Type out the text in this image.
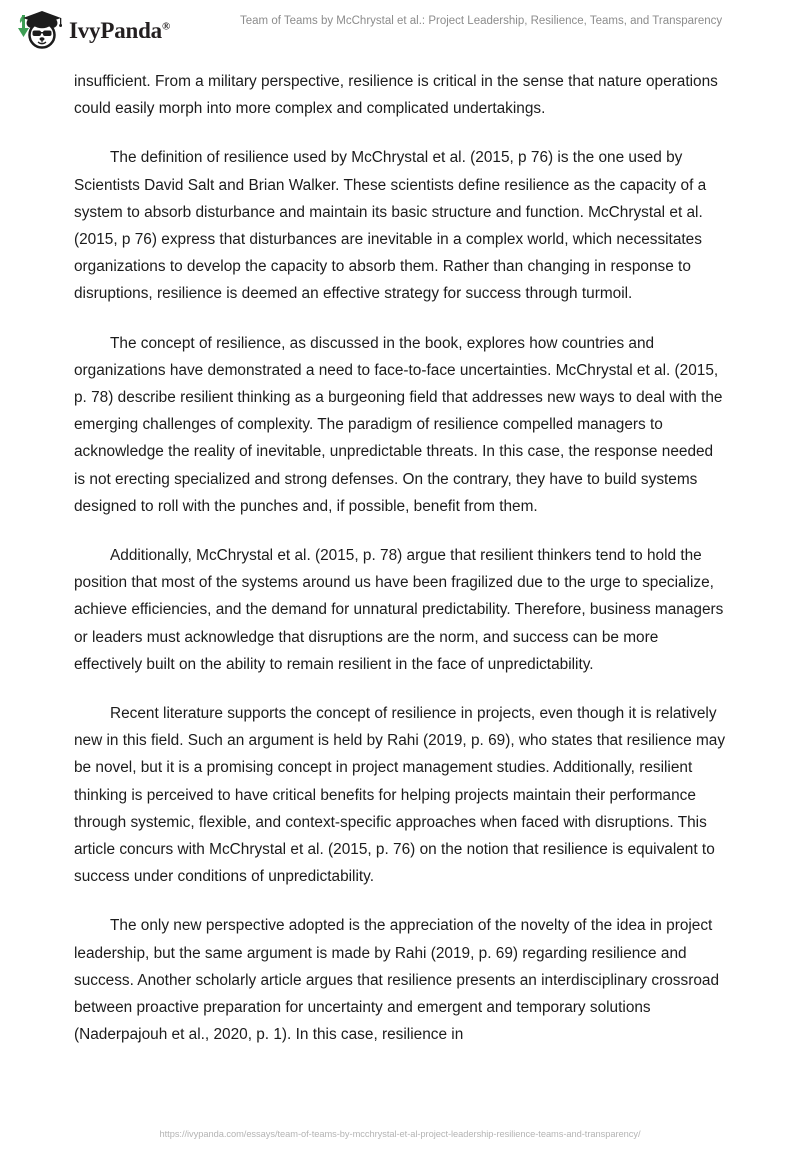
IvyPanda®	Team of Teams by McChrystal et al.: Project Leadership, Resilience, Teams, and Transparency

insufficient. From a military perspective, resilience is critical in the sense that nature operations could easily morph into more complex and complicated undertakings.

The definition of resilience used by McChrystal et al. (2015, p 76) is the one used by Scientists David Salt and Brian Walker. These scientists define resilience as the capacity of a system to absorb disturbance and maintain its basic structure and function. McChrystal et al. (2015, p 76) express that disturbances are inevitable in a complex world, which necessitates organizations to develop the capacity to absorb them. Rather than changing in response to disruptions, resilience is deemed an effective strategy for success through turmoil.

The concept of resilience, as discussed in the book, explores how countries and organizations have demonstrated a need to face-to-face uncertainties. McChrystal et al. (2015, p. 78) describe resilient thinking as a burgeoning field that addresses new ways to deal with the emerging challenges of complexity. The paradigm of resilience compelled managers to acknowledge the reality of inevitable, unpredictable threats. In this case, the response needed is not erecting specialized and strong defenses. On the contrary, they have to build systems designed to roll with the punches and, if possible, benefit from them.

Additionally, McChrystal et al. (2015, p. 78) argue that resilient thinkers tend to hold the position that most of the systems around us have been fragilized due to the urge to specialize, achieve efficiencies, and the demand for unnatural predictability. Therefore, business managers or leaders must acknowledge that disruptions are the norm, and success can be more effectively built on the ability to remain resilient in the face of unpredictability.

Recent literature supports the concept of resilience in projects, even though it is relatively new in this field. Such an argument is held by Rahi (2019, p. 69), who states that resilience may be novel, but it is a promising concept in project management studies. Additionally, resilient thinking is perceived to have critical benefits for helping projects maintain their performance through systemic, flexible, and context-specific approaches when faced with disruptions. This article concurs with McChrystal et al. (2015, p. 76) on the notion that resilience is equivalent to success under conditions of unpredictability.

The only new perspective adopted is the appreciation of the novelty of the idea in project leadership, but the same argument is made by Rahi (2019, p. 69) regarding resilience and success. Another scholarly article argues that resilience presents an interdisciplinary crossroad between proactive preparation for uncertainty and emergent and temporary solutions (Naderpajouh et al., 2020, p. 1). In this case, resilience in

https://ivypanda.com/essays/team-of-teams-by-mcchrystal-et-al-project-leadership-resilience-teams-and-transparency/
